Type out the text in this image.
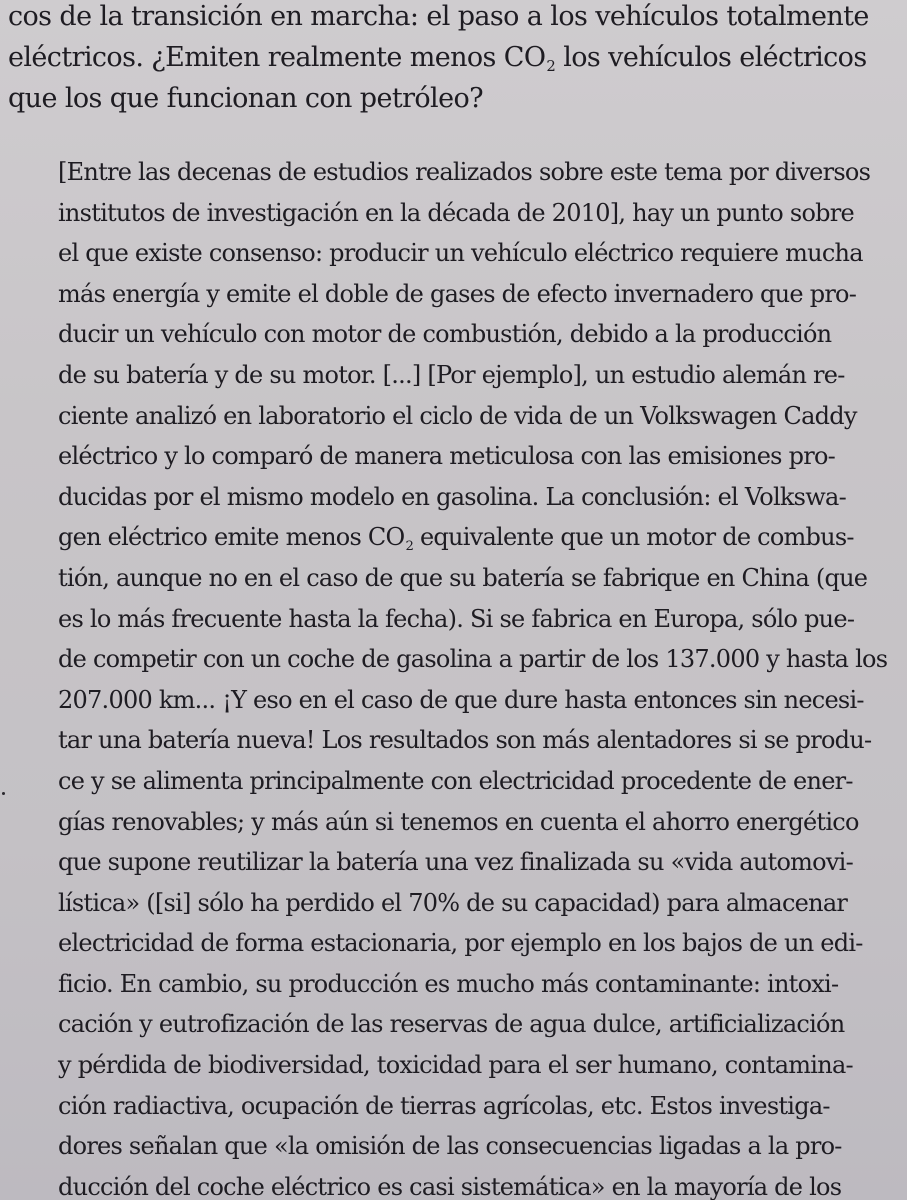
cos de la transición en marcha: el paso a los vehículos totalmente
eléctricos. ¿Emiten realmente menos $CO_2$ los vehículos eléctricos
que los que funcionan con petróleo?
[Entre las decenas de estudios realizados sobre este tema por diversos
institutos de investigación en la década de 2010], hay un punto sobre
el que existe consenso: producir un vehículo eléctrico requiere mucha
más energía y emite el doble de gases de efecto invernadero que pro-
ducir un vehículo con motor de combustión, debido a la producción
de su batería y de su motor. [...] [Por ejemplo], un estudio alemán re-
ciente analizó en laboratorio el ciclo de vida de un Volkswagen Caddy
eléctrico y lo comparó de manera meticulosa con las emisiones pro-
ducidas por el mismo modelo en gasolina. La conclusión: el Volkswa-
gen eléctrico emite menos $CO_2$ equivalente que un motor de combus-
tión, aunque no en el caso de que su batería se fabrique en China (que
es lo más frecuente hasta la fecha). Si se fabrica en Europa, sólo pue-
de competir con un coche de gasolina a partir de los 137.000 y hasta los
207.000 km... ¡Y eso en el caso de que dure hasta entonces sin necesi-
tar una batería nueva! Los resultados son más alentadores si se produ-
ce y se alimenta principalmente con electricidad procedente de ener-
gías renovables; y más aún si tenemos en cuenta el ahorro energético
que supone reutilizar la batería una vez finalizada su «vida automovi-
lística» ([si] sólo ha perdido el 70% de su capacidad) para almacenar
electricidad de forma estacionaria, por ejemplo en los bajos de un edi-
ficio. En cambio, su producción es mucho más contaminante: intoxi-
cación y eutrofización de las reservas de agua dulce, artificialización
y pérdida de biodiversidad, toxicidad para el ser humano, contamina-
ción radiactiva, ocupación de tierras agrícolas, etc. Estos investiga-
dores señalan que «la omisión de las consecuencias ligadas a la pro-
ducción del coche eléctrico es casi sistemática» en la mayoría de los
